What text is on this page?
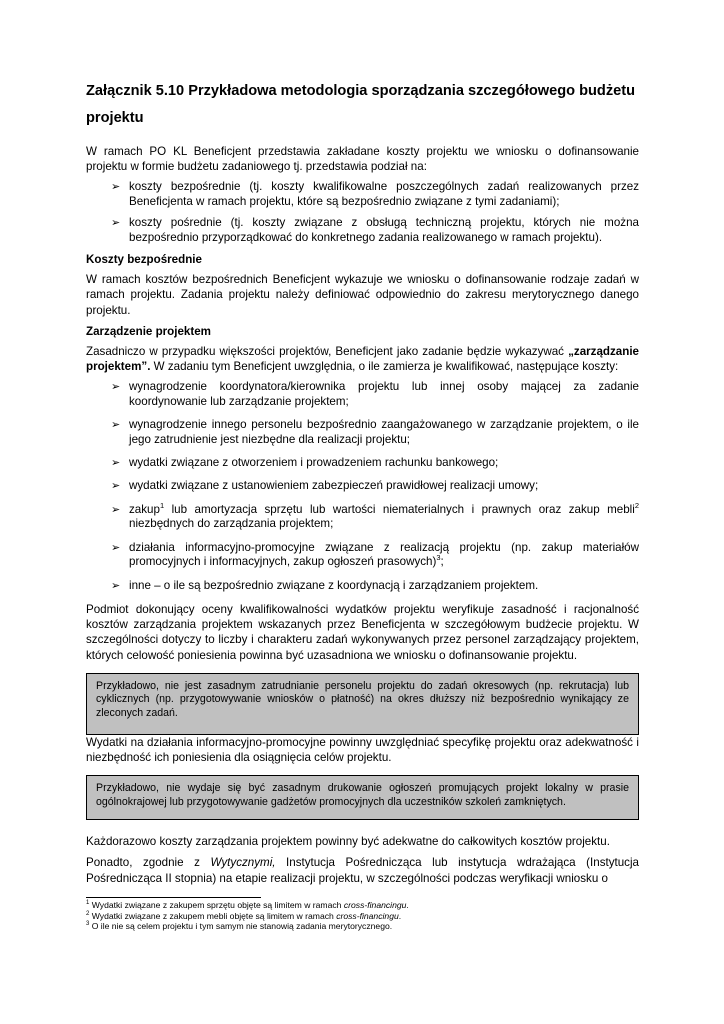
Załącznik 5.10 Przykładowa metodologia sporządzania szczegółowego budżetu projektu

W ramach PO KL Beneficjent przedstawia zakładane koszty projektu we wniosku o dofinansowanie projektu w formie budżetu zadaniowego tj. przedstawia podział na:

➢ koszty bezpośrednie (tj. koszty kwalifikowalne poszczególnych zadań realizowanych przez Beneficjenta w ramach projektu, które są bezpośrednio związane z tymi zadaniami);
➢ koszty pośrednie (tj. koszty związane z obsługą techniczną projektu, których nie można bezpośrednio przyporządkować do konkretnego zadania realizowanego w ramach projektu).
Koszty bezpośrednie

W ramach kosztów bezpośrednich Beneficjent wykazuje we wniosku o dofinansowanie rodzaje zadań w ramach projektu. Zadania projektu należy definiować odpowiednio do zakresu merytorycznego danego projektu.

Zarządzenie projektem

Zasadniczo w przypadku większości projektów, Beneficjent jako zadanie będzie wykazywać „zarządzanie projektem”. W zadaniu tym Beneficjent uwzględnia, o ile zamierza je kwalifikować, następujące koszty:

➢ wynagrodzenie koordynatora/kierownika projektu lub innej osoby mającej za zadanie koordynowanie lub zarządzanie projektem;
➢ wynagrodzenie innego personelu bezpośrednio zaangażowanego w zarządzanie projektem, o ile jego zatrudnienie jest niezbędne dla realizacji projektu;
➢ wydatki związane z otworzeniem i prowadzeniem rachunku bankowego;
➢ wydatki związane z ustanowieniem zabezpieczeń prawidłowej realizacji umowy;
➢ zakup$^1$ lub amortyzacja sprzętu lub wartości niematerialnych i prawnych oraz zakup mebli$^2$ niezbędnych do zarządzania projektem;
➢ działania informacyjno-promocyjne związane z realizacją projektu (np. zakup materiałów promocyjnych i informacyjnych, zakup ogłoszeń prasowych)$^3$;
➢ inne – o ile są bezpośrednio związane z koordynacją i zarządzaniem projektem.

Podmiot dokonujący oceny kwalifikowalności wydatków projektu weryfikuje zasadność i racjonalność kosztów zarządzania projektem wskazanych przez Beneficjenta w szczegółowym budżecie projektu. W szczególności dotyczy to liczby i charakteru zadań wykonywanych przez personel zarządzający projektem, których celowość poniesienia powinna być uzasadniona we wniosku o dofinansowanie projektu.

Przykładowo, nie jest zasadnym zatrudnianie personelu projektu do zadań okresowych (np. rekrutacja) lub cyklicznych (np. przygotowywanie wniosków o płatność) na okres dłuższy niż bezpośrednio wynikający ze zleconych zadań.

Wydatki na działania informacyjno-promocyjne powinny uwzględniać specyfikę projektu oraz adekwatność i niezbędność ich poniesienia dla osiągnięcia celów projektu.

Przykładowo, nie wydaje się być zasadnym drukowanie ogłoszeń promujących projekt lokalny w prasie ogólnokrajowej lub przygotowywanie gadżetów promocyjnych dla uczestników szkoleń zamkniętych.

Każdorazowo koszty zarządzania projektem powinny być adekwatne do całkowitych kosztów projektu.

Ponadto, zgodnie z Wytycznymi, Instytucja Pośrednicząca lub instytucja wdrażająca (Instytucja Pośrednicząca II stopnia) na etapie realizacji projektu, w szczególności podczas weryfikacji wniosku o

$^1$ Wydatki związane z zakupem sprzętu objęte są limitem w ramach cross-financingu.
$^2$ Wydatki związane z zakupem mebli objęte są limitem w ramach cross-financingu.
$^3$ O ile nie są celem projektu i tym samym nie stanowią zadania merytorycznego.
